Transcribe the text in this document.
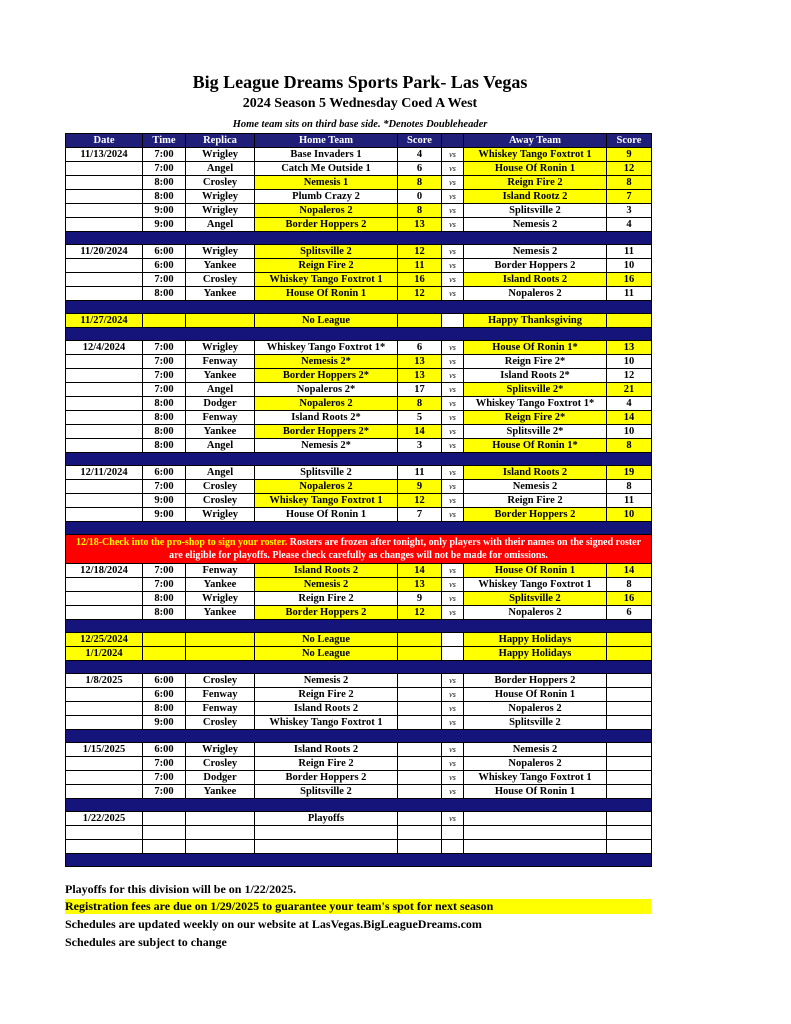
Big League Dreams Sports Park- Las Vegas
2024 Season 5 Wednesday Coed A West
Home team sits on third base side. *Denotes Doubleheader
Date	Time	Replica	Home Team	Score		Away Team	Score
11/13/2024	7:00	Wrigley	Base Invaders 1	4	vs	Whiskey Tango Foxtrot 1	9
	7:00	Angel	Catch Me Outside 1	6	vs	House Of Ronin 1	12
	8:00	Crosley	Nemesis 1	8	vs	Reign Fire 2	8
	8:00	Wrigley	Plumb Crazy 2	0	vs	Island Rootz 2	7
	9:00	Wrigley	Nopaleros 2	8	vs	Splitsville 2	3
	9:00	Angel	Border Hoppers 2	13	vs	Nemesis 2	4

11/20/2024	6:00	Wrigley	Splitsville 2	12	vs	Nemesis 2	11
	6:00	Yankee	Reign Fire 2	11	vs	Border Hoppers 2	10
	7:00	Crosley	Whiskey Tango Foxtrot 1	16	vs	Island Roots 2	16
	8:00	Yankee	House Of Ronin 1	12	vs	Nopaleros 2	11

11/27/2024			No League			Happy Thanksgiving	

12/4/2024	7:00	Wrigley	Whiskey Tango Foxtrot 1*	6	vs	House Of Ronin 1*	13
	7:00	Fenway	Nemesis 2*	13	vs	Reign Fire 2*	10
	7:00	Yankee	Border Hoppers 2*	13	vs	Island Roots 2*	12
	7:00	Angel	Nopaleros 2*	17	vs	Splitsville 2*	21
	8:00	Dodger	Nopaleros 2	8	vs	Whiskey Tango Foxtrot 1*	4
	8:00	Fenway	Island Roots 2*	5	vs	Reign Fire 2*	14
	8:00	Yankee	Border Hoppers 2*	14	vs	Splitsville 2*	10
	8:00	Angel	Nemesis 2*	3	vs	House Of Ronin 1*	8

12/11/2024	6:00	Angel	Splitsville 2	11	vs	Island Roots 2	19
	7:00	Crosley	Nopaleros 2	9	vs	Nemesis 2	8
	9:00	Crosley	Whiskey Tango Foxtrot 1	12	vs	Reign Fire 2	11
	9:00	Wrigley	House Of Ronin 1	7	vs	Border Hoppers 2	10

12/18-Check into the pro-shop to sign your roster. Rosters are frozen after tonight, only players with their names on the signed roster are eligible for playoffs. Please check carefully as changes will not be made for omissions.							
12/18/2024	7:00	Fenway	Island Roots 2	14	vs	House Of Ronin 1	14
	7:00	Yankee	Nemesis 2	13	vs	Whiskey Tango Foxtrot 1	8
	8:00	Wrigley	Reign Fire 2	9	vs	Splitsville 2	16
	8:00	Yankee	Border Hoppers 2	12	vs	Nopaleros 2	6

12/25/2024			No League			Happy Holidays	
1/1/2024			No League			Happy Holidays	

1/8/2025	6:00	Crosley	Nemesis 2		vs	Border Hoppers 2	
	6:00	Fenway	Reign Fire 2		vs	House Of Ronin 1	
	8:00	Fenway	Island Roots 2		vs	Nopaleros 2	
	9:00	Crosley	Whiskey Tango Foxtrot 1		vs	Splitsville 2	

1/15/2025	6:00	Wrigley	Island Roots 2		vs	Nemesis 2	
	7:00	Crosley	Reign Fire 2		vs	Nopaleros 2	
	7:00	Dodger	Border Hoppers 2		vs	Whiskey Tango Foxtrot 1	
	7:00	Yankee	Splitsville 2		vs	House Of Ronin 1	

1/22/2025			Playoffs		vs		

Playoffs for this division will be on 1/22/2025.
Registration fees are due on 1/29/2025 to guarantee your team's spot for next season
Schedules are updated weekly on our website at LasVegas.BigLeagueDreams.com
Schedules are subject to change
